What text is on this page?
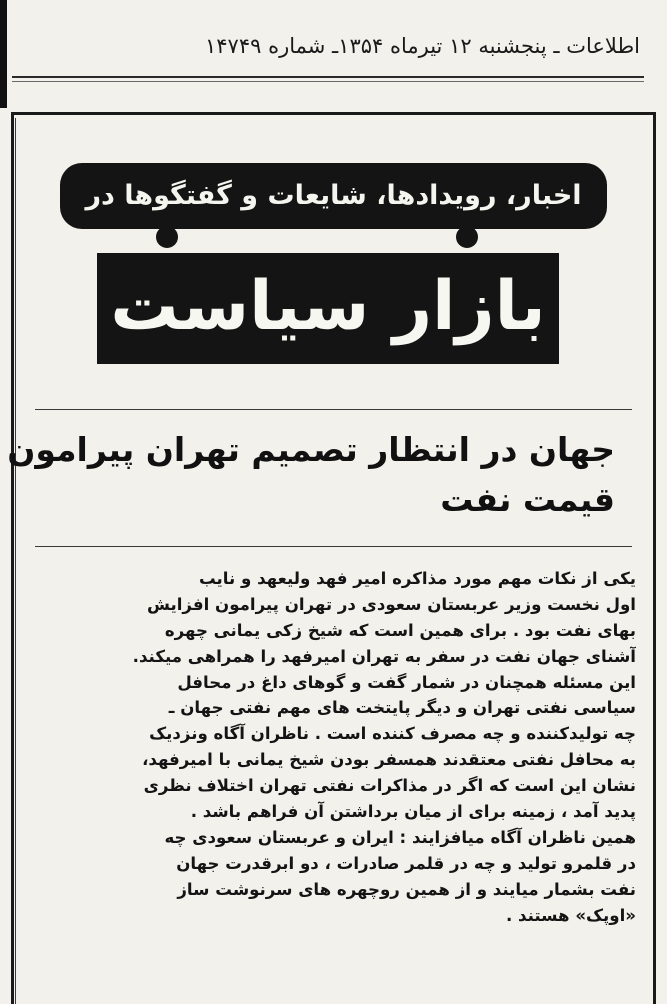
اطلاعات ـ پنجشنبه ۱۲ تیرماه ۱۳۵۴ـ شماره ۱۴۷۴۹
اخبار، رویدادها، شایعات و گفتگوها در
بازار سیاست
جهان در انتظار تصمیم تهران پیرامون
قیمت نفت
یکی از نکات مهم مورد مذاکره امیر فهد ولیعهد و نایب
اول نخست وزیر عربستان سعودی در تهران پیرامون افزایش
بهای نفت بود . برای همین است که شیخ زکی یمانی چهره
آشنای جهان نفت در سفر به تهران امیرفهد را همراهی میکند.
این مسئله همچنان در شمار گفت و گوهای داغ در محافل
سیاسی نفتی تهران و دیگر پایتخت های مهم نفتی جهان ـ
چه تولیدکننده و چه مصرف کننده است . ناظران آگاه ونزدیک
به محافل نفتی معتقدند همسفر بودن شیخ یمانی با امیرفهد،
نشان این است که اگر در مذاکرات نفتی تهران اختلاف نظری
پدید آمد ، زمینه برای از میان برداشتن آن فراهم باشد .
همین ناظران آگاه میافزایند : ایران و عربستان سعودی چه
در قلمرو تولید و چه در قلمر صادرات ، دو ابرقدرت جهان
نفت بشمار میایند و از همین روچهره های سرنوشت ساز
«اوپک» هستند .
